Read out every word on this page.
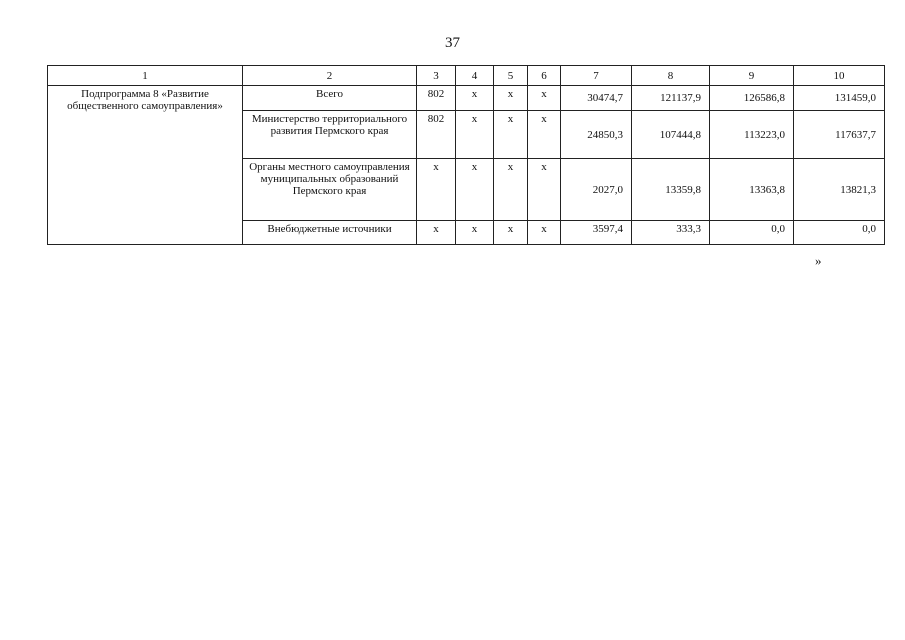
37
1	2	3	4	5	6	7	8	9	10
Подпрограмма 8 «Развитие общественного самоуправления»	Всего	802	х	х	х	30474,7	121137,9	126586,8	131459,0
	Министерство территориального развития Пермского края	802	х	х	х	24850,3	107444,8	113223,0	117637,7
	Органы местного самоуправления муниципальных образований Пермского края	х	х	х	х	2027,0	13359,8	13363,8	13821,3
	Внебюджетные источники	х	х	х	х	3597,4	333,3	0,0	0,0
»
